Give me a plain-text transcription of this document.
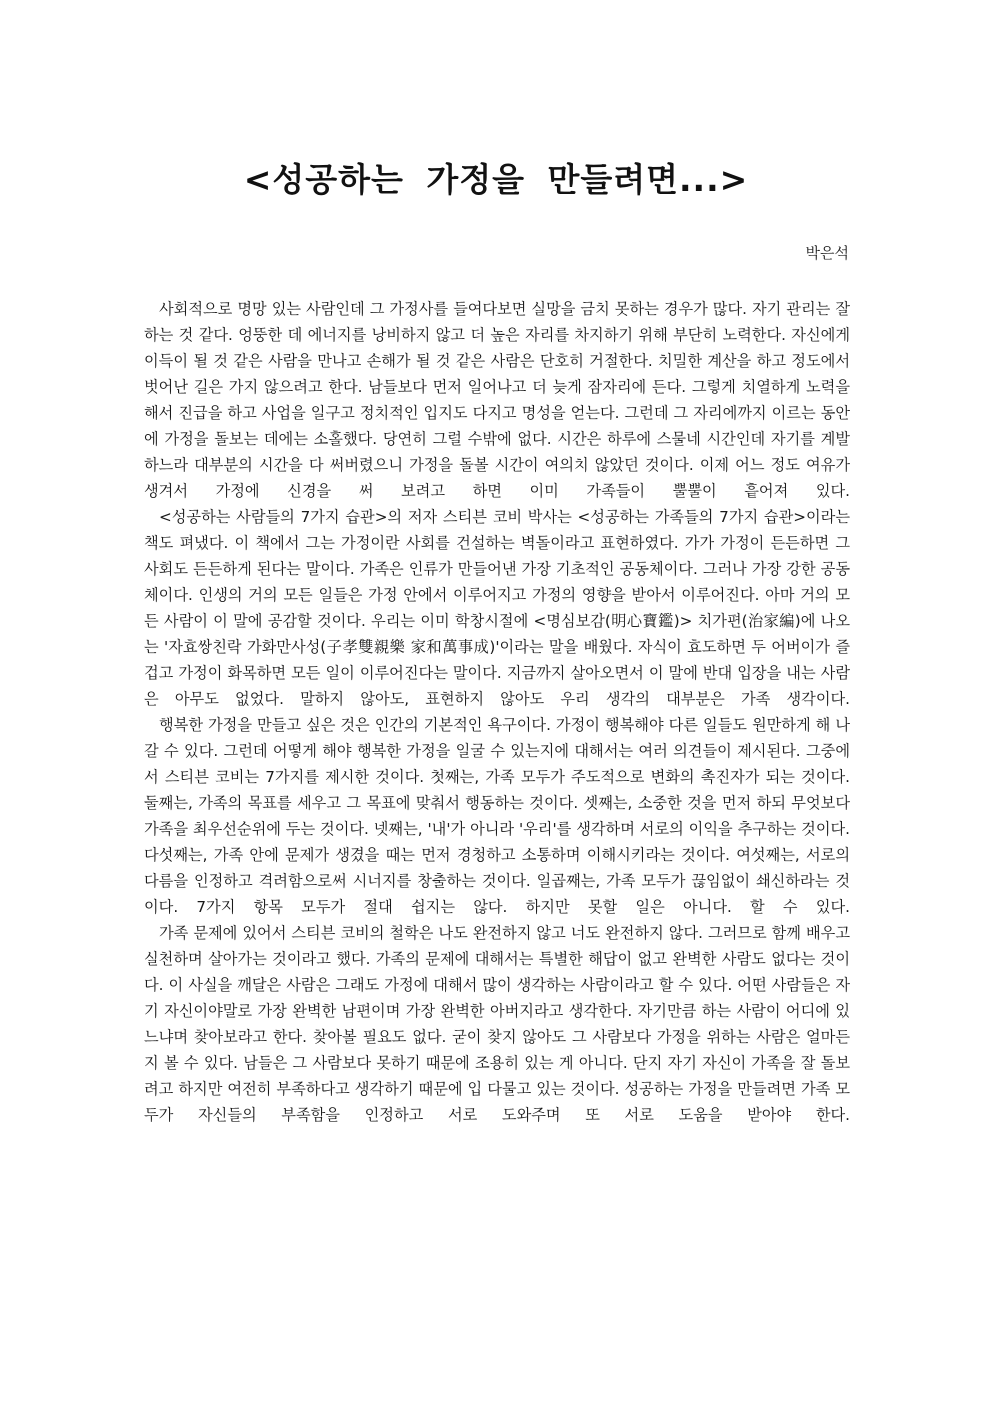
<성공하는 가정을 만들려면...>
박은석

사회적으로 명망 있는 사람인데 그 가정사를 들여다보면 실망을 금치 못하는 경우가 많다. 자기 관리는 잘하는 것 같다. 엉뚱한 데 에너지를 낭비하지 않고 더 높은 자리를 차지하기 위해 부단히 노력한다. 자신에게 이득이 될 것 같은 사람을 만나고 손해가 될 것 같은 사람은 단호히 거절한다. 치밀한 계산을 하고 정도에서 벗어난 길은 가지 않으려고 한다. 남들보다 먼저 일어나고 더 늦게 잠자리에 든다. 그렇게 치열하게 노력을 해서 진급을 하고 사업을 일구고 정치적인 입지도 다지고 명성을 얻는다. 그런데 그 자리에까지 이르는 동안에 가정을 돌보는 데에는 소홀했다. 당연히 그럴 수밖에 없다. 시간은 하루에 스물네 시간인데 자기를 계발하느라 대부분의 시간을 다 써버렸으니 가정을 돌볼 시간이 여의치 않았던 것이다. 이제 어느 정도 여유가 생겨서 가정에 신경을 써 보려고 하면 이미 가족들이 뿔뿔이 흩어져 있다.

<성공하는 사람들의 7가지 습관>의 저자 스티븐 코비 박사는 <성공하는 가족들의 7가지 습관>이라는 책도 펴냈다. 이 책에서 그는 가정이란 사회를 건설하는 벽돌이라고 표현하였다. 가가 가정이 든든하면 그 사회도 든든하게 된다는 말이다. 가족은 인류가 만들어낸 가장 기초적인 공동체이다. 그러나 가장 강한 공동체이다. 인생의 거의 모든 일들은 가정 안에서 이루어지고 가정의 영향을 받아서 이루어진다. 아마 거의 모든 사람이 이 말에 공감할 것이다. 우리는 이미 학창시절에 <명심보감(明心寶鑑)> 치가편(治家編)에 나오는 '자효쌍친락 가화만사성(子孝雙親樂 家和萬事成)'이라는 말을 배웠다. 자식이 효도하면 두 어버이가 즐겁고 가정이 화목하면 모든 일이 이루어진다는 말이다. 지금까지 살아오면서 이 말에 반대 입장을 내는 사람은 아무도 없었다. 말하지 않아도, 표현하지 않아도 우리 생각의 대부분은 가족 생각이다.

행복한 가정을 만들고 싶은 것은 인간의 기본적인 욕구이다. 가정이 행복해야 다른 일들도 원만하게 해 나갈 수 있다. 그런데 어떻게 해야 행복한 가정을 일굴 수 있는지에 대해서는 여러 의견들이 제시된다. 그중에서 스티븐 코비는 7가지를 제시한 것이다. 첫째는, 가족 모두가 주도적으로 변화의 촉진자가 되는 것이다. 둘째는, 가족의 목표를 세우고 그 목표에 맞춰서 행동하는 것이다. 셋째는, 소중한 것을 먼저 하되 무엇보다 가족을 최우선순위에 두는 것이다. 넷째는, '내'가 아니라 '우리'를 생각하며 서로의 이익을 추구하는 것이다. 다섯째는, 가족 안에 문제가 생겼을 때는 먼저 경청하고 소통하며 이해시키라는 것이다. 여섯째는, 서로의 다름을 인정하고 격려함으로써 시너지를 창출하는 것이다. 일곱째는, 가족 모두가 끊임없이 쇄신하라는 것이다. 7가지 항목 모두가 절대 쉽지는 않다. 하지만 못할 일은 아니다. 할 수 있다.

가족 문제에 있어서 스티븐 코비의 철학은 나도 완전하지 않고 너도 완전하지 않다. 그러므로 함께 배우고 실천하며 살아가는 것이라고 했다. 가족의 문제에 대해서는 특별한 해답이 없고 완벽한 사람도 없다는 것이다. 이 사실을 깨달은 사람은 그래도 가정에 대해서 많이 생각하는 사람이라고 할 수 있다. 어떤 사람들은 자기 자신이야말로 가장 완벽한 남편이며 가장 완벽한 아버지라고 생각한다. 자기만큼 하는 사람이 어디에 있느냐며 찾아보라고 한다. 찾아볼 필요도 없다. 굳이 찾지 않아도 그 사람보다 가정을 위하는 사람은 얼마든지 볼 수 있다. 남들은 그 사람보다 못하기 때문에 조용히 있는 게 아니다. 단지 자기 자신이 가족을 잘 돌보려고 하지만 여전히 부족하다고 생각하기 때문에 입 다물고 있는 것이다. 성공하는 가정을 만들려면 가족 모두가 자신들의 부족함을 인정하고 서로 도와주며 또 서로 도움을 받아야 한다.
